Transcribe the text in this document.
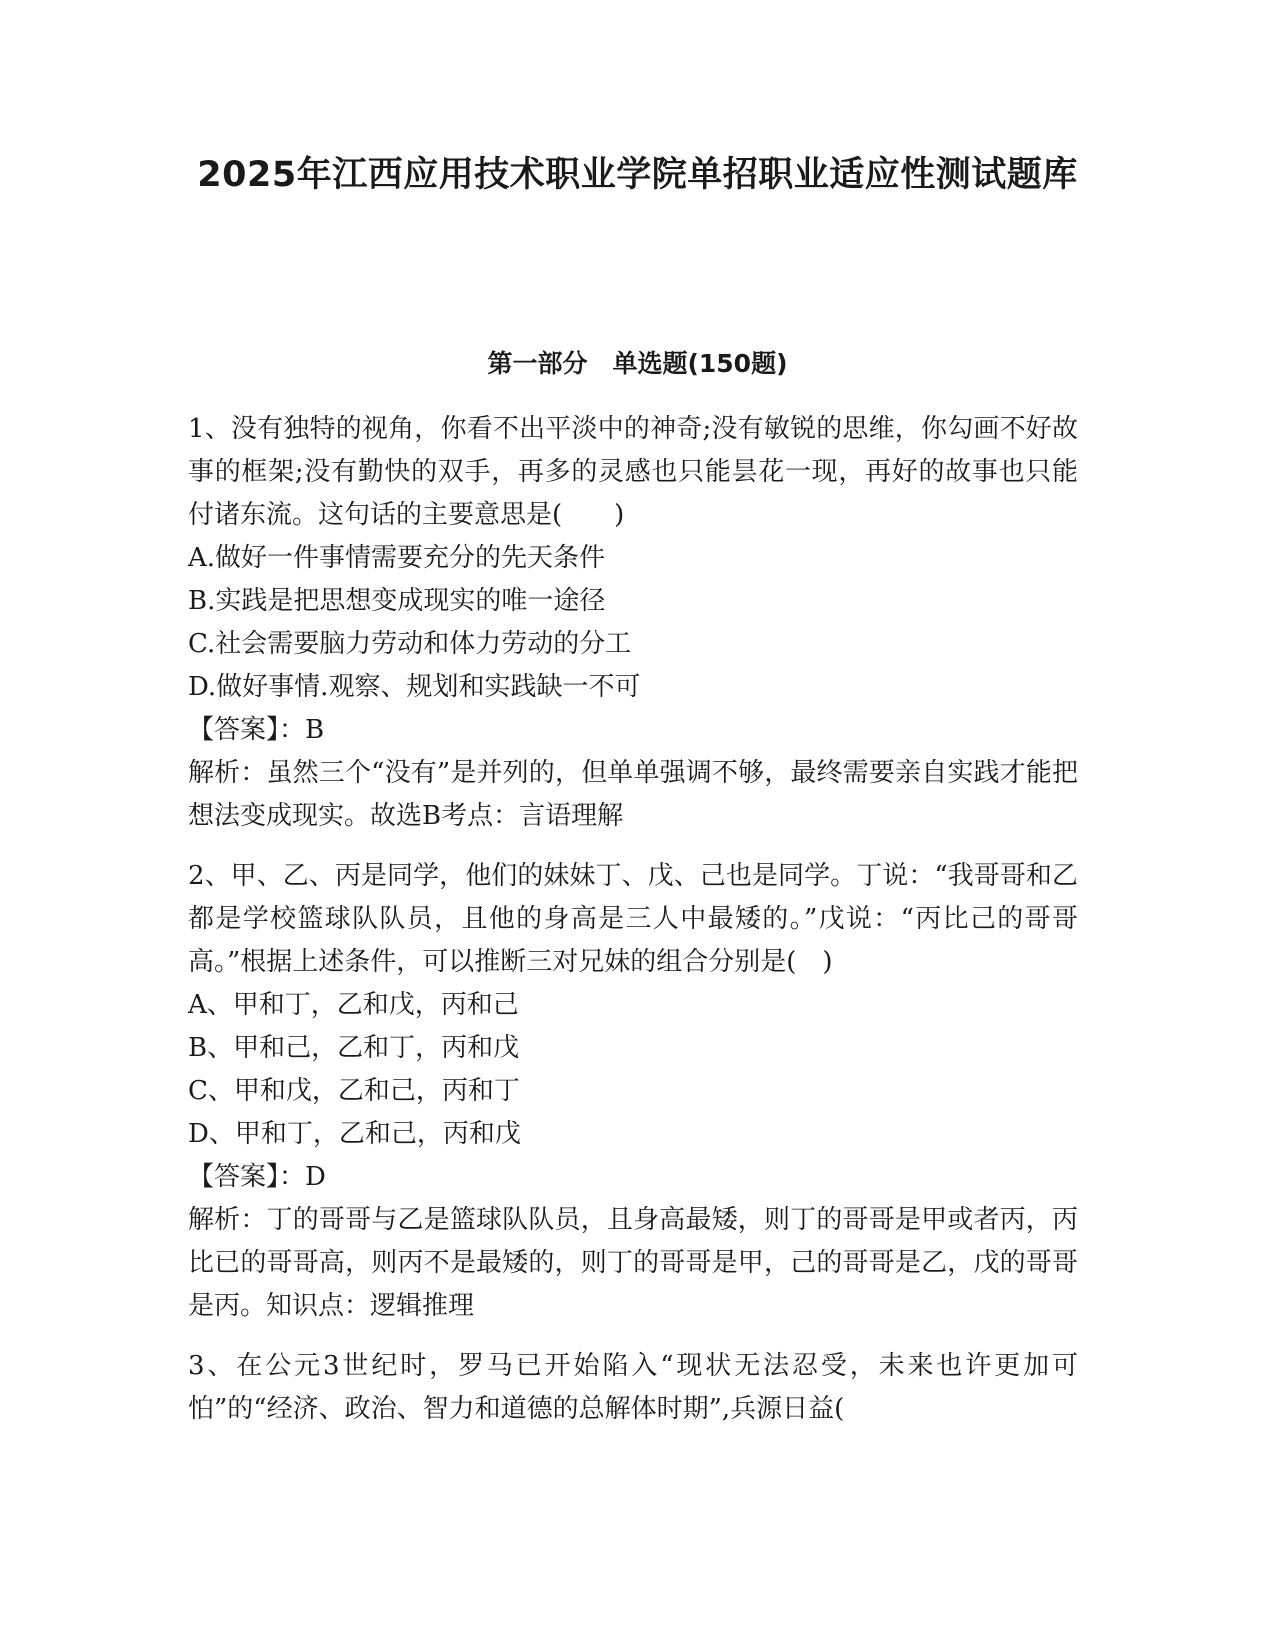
2025年江西应用技术职业学院单招职业适应性测试题库
第一部分　单选题(150题)

1、没有独特的视角，你看不出平淡中的神奇;没有敏锐的思维，你勾画不好故事的框架;没有勤快的双手，再多的灵感也只能昙花一现，再好的故事也只能付诸东流。这句话的主要意思是(　　)

A.做好一件事情需要充分的先天条件

B.实践是把思想变成现实的唯一途径

C.社会需要脑力劳动和体力劳动的分工

D.做好事情.观察、规划和实践缺一不可

【答案】：B

解析：虽然三个“没有”是并列的，但单单强调不够，最终需要亲自实践才能把想法变成现实。故选B考点：言语理解

2、甲、乙、丙是同学，他们的妹妹丁、戊、己也是同学。丁说：“我哥哥和乙都是学校篮球队队员，且他的身高是三人中最矮的。”戊说：“丙比己的哥哥高。”根据上述条件，可以推断三对兄妹的组合分别是(　)

A、甲和丁，乙和戊，丙和己

B、甲和己，乙和丁，丙和戊

C、甲和戊，乙和己，丙和丁

D、甲和丁，乙和己，丙和戊

【答案】：D

解析：丁的哥哥与乙是篮球队队员，且身高最矮，则丁的哥哥是甲或者丙，丙比已的哥哥高，则丙不是最矮的，则丁的哥哥是甲，己的哥哥是乙，戊的哥哥是丙。知识点：逻辑推理

3、在公元3世纪时，罗马已开始陷入“现状无法忍受，未来也许更加可怕”的“经济、政治、智力和道德的总解体时期”,兵源日益(
